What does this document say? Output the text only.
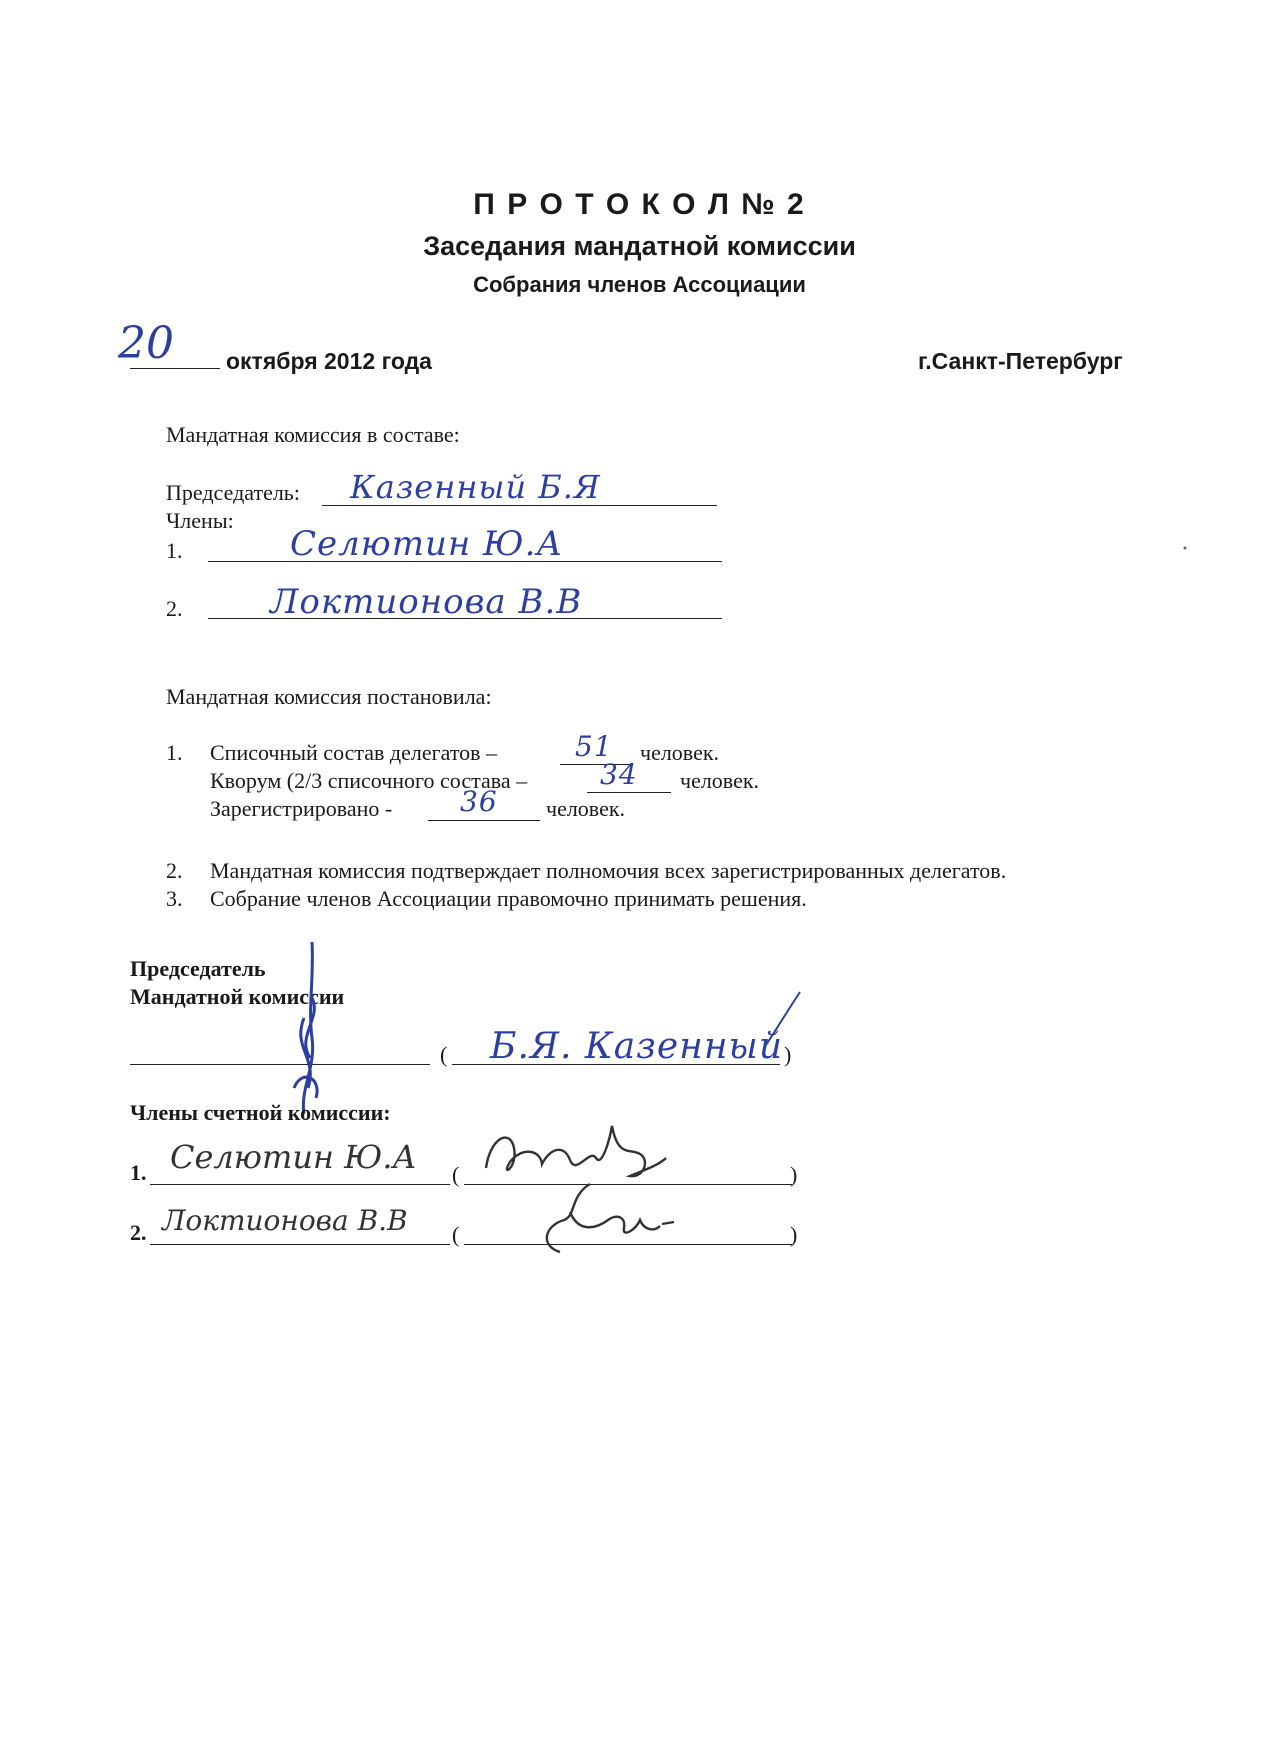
П Р О Т О К О Л № 2
Заседания мандатной комиссии
Собрания членов Ассоциации
20 октября 2012 года	г.Санкт-Петербург
Мандатная комиссия в составе:
Председатель: Казенный Б.Я
Члены:
1.	Селютин Ю.А
2.	Локтионова В.В
Мандатная комиссия постановила:
1. Списочный состав делегатов –	51 человек.
Кворум (2/3 списочного состава –	34 человек.
Зарегистрировано - 36 человек.
2. Мандатная комиссия подтверждает полномочия всех зарегистрированных делегатов.
3. Собрание членов Ассоциации правомочно принимать решения.
Председатель
Мандатной комиссии
( Б.Я. Казенный )
Члены счетной комиссии:
1. Селютин Ю.А (	)
2. Локтионова В.В (	)
